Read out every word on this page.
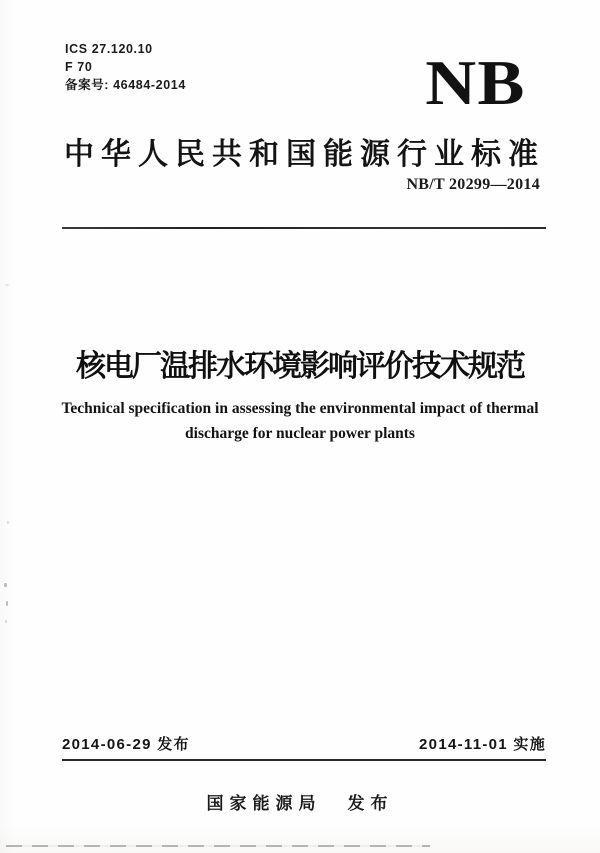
ICS 27.120.10
F 70
备案号: 46484-2014	NB
中华人民共和国能源行业标准
NB/T 20299—2014
核电厂温排水环境影响评价技术规范
Technical specification in assessing the environmental impact of thermal
discharge for nuclear power plants
2014-06-29 发布	2014-11-01 实施
国家能源局 发布
